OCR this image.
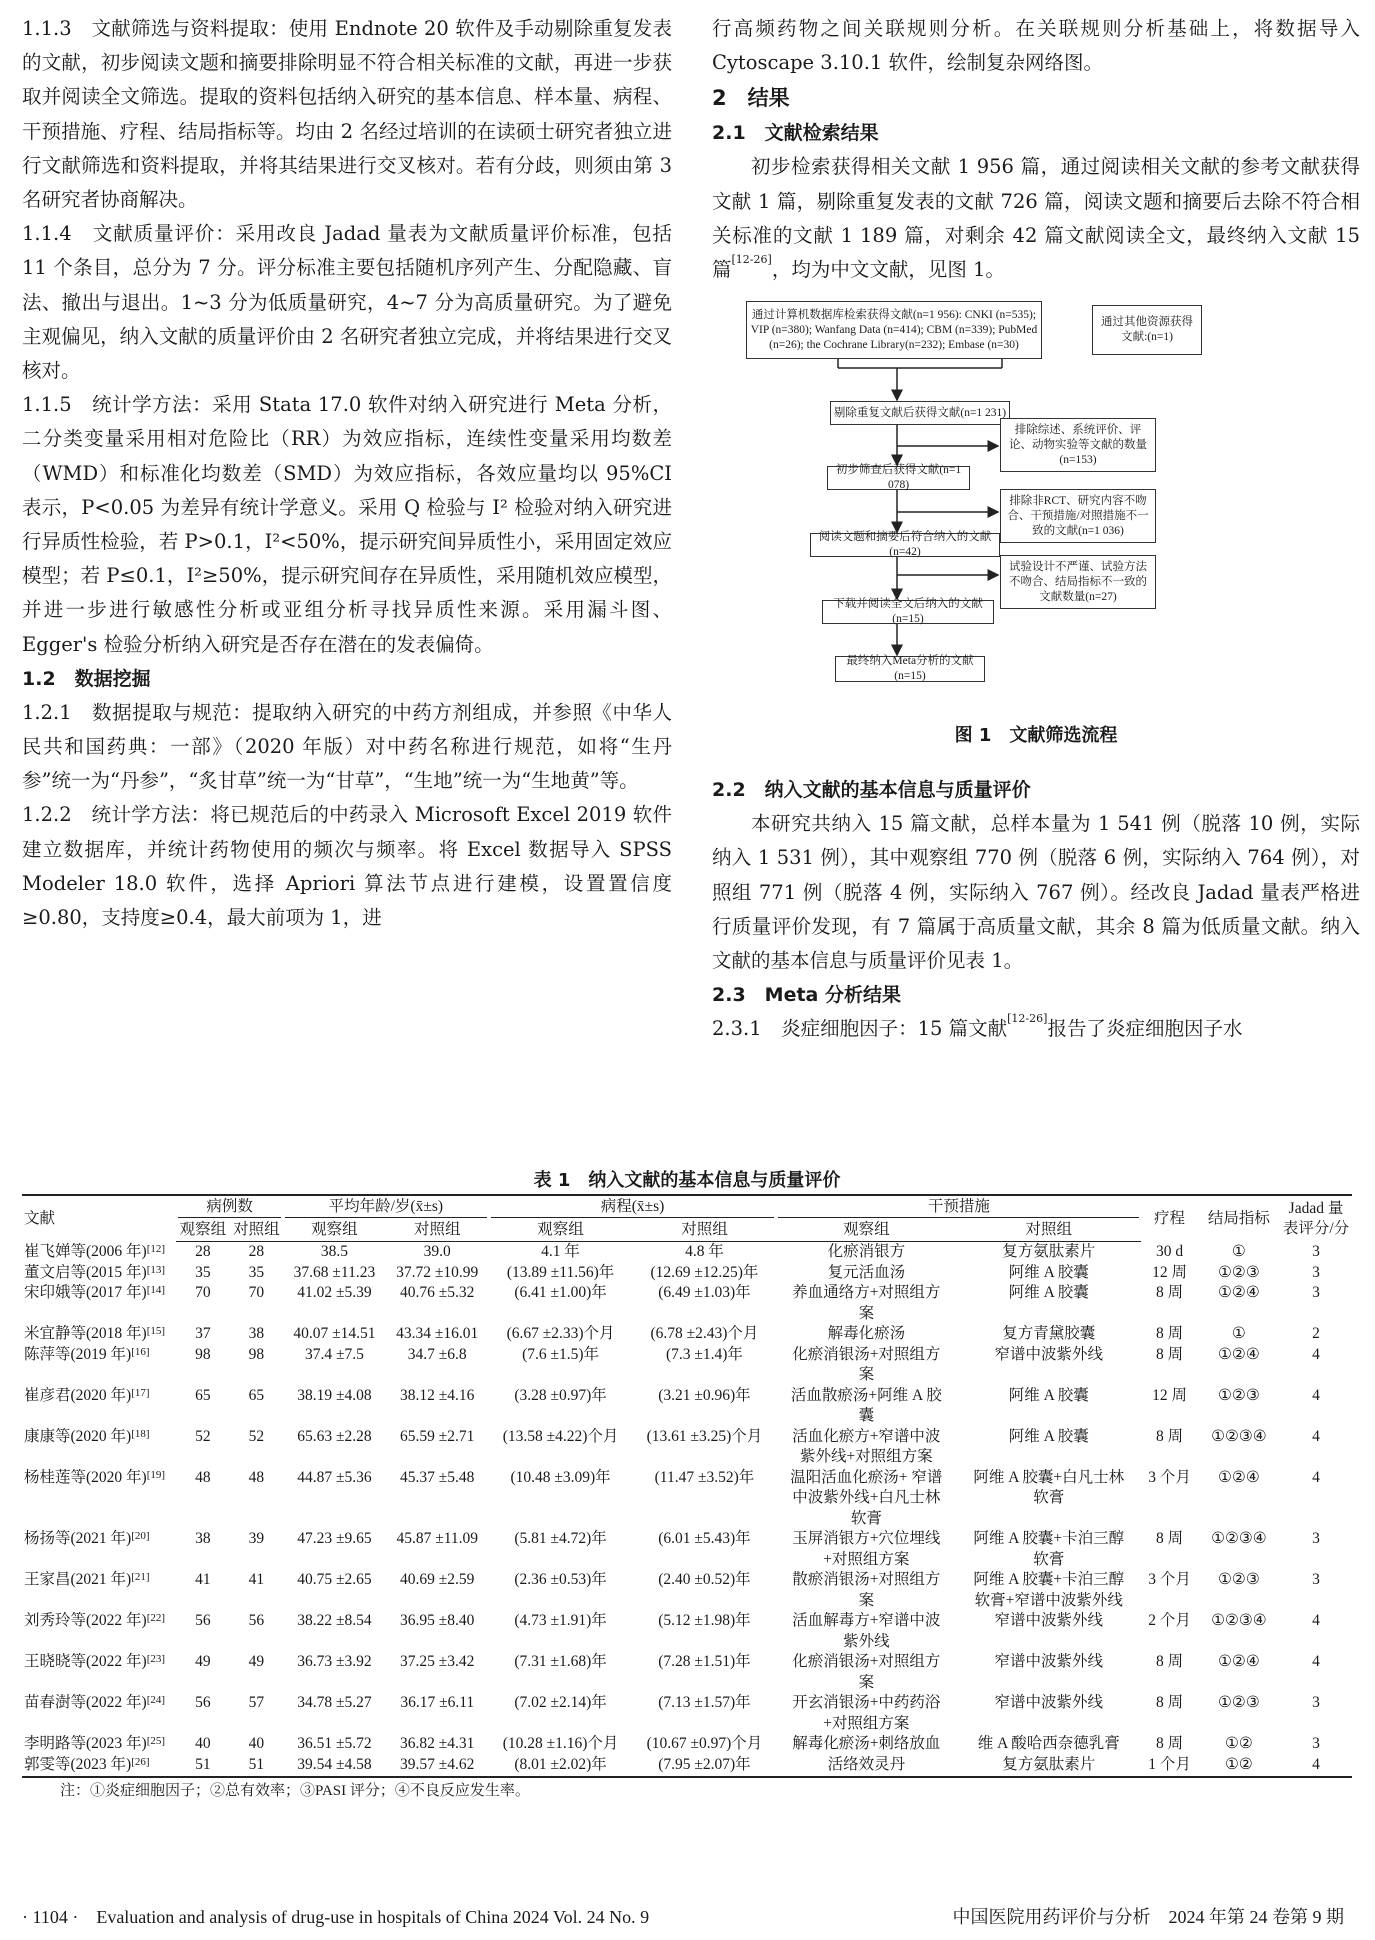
1.1.3　文献筛选与资料提取：使用 Endnote 20 软件及手动剔除重复发表的文献，初步阅读文题和摘要排除明显不符合相关标准的文献，再进一步获取并阅读全文筛选。提取的资料包括纳入研究的基本信息、样本量、病程、干预措施、疗程、结局指标等。均由 2 名经过培训的在读硕士研究者独立进行文献筛选和资料提取，并将其结果进行交叉核对。若有分歧，则须由第 3 名研究者协商解决。

1.1.4　文献质量评价：采用改良 Jadad 量表为文献质量评价标准，包括 11 个条目，总分为 7 分。评分标准主要包括随机序列产生、分配隐藏、盲法、撤出与退出。1~3 分为低质量研究，4~7 分为高质量研究。为了避免主观偏见，纳入文献的质量评价由 2 名研究者独立完成，并将结果进行交叉核对。

1.1.5　统计学方法：采用 Stata 17.0 软件对纳入研究进行 Meta 分析，二分类变量采用相对危险比（RR）为效应指标，连续性变量采用均数差（WMD）和标准化均数差（SMD）为效应指标，各效应量均以 95%CI 表示，P<0.05 为差异有统计学意义。采用 Q 检验与 I² 检验对纳入研究进行异质性检验，若 P>0.1，I²<50%，提示研究间异质性小，采用固定效应模型；若 P≤0.1，I²≥50%，提示研究间存在异质性，采用随机效应模型，并进一步进行敏感性分析或亚组分析寻找异质性来源。采用漏斗图、Egger's 检验分析纳入研究是否存在潜在的发表偏倚。

1.2　数据挖掘

1.2.1　数据提取与规范：提取纳入研究的中药方剂组成，并参照《中华人民共和国药典：一部》（2020 年版）对中药名称进行规范，如将“生丹参”统一为“丹参”，“炙甘草”统一为“甘草”，“生地”统一为“生地黄”等。

1.2.2　统计学方法：将已规范后的中药录入 Microsoft Excel 2019 软件建立数据库，并统计药物使用的频次与频率。将 Excel 数据导入 SPSS Modeler 18.0 软件，选择 Apriori 算法节点进行建模，设置置信度≥0.80，支持度≥0.4，最大前项为 1，进

行高频药物之间关联规则分析。在关联规则分析基础上，将数据导入 Cytoscape 3.10.1 软件，绘制复杂网络图。

2　结果
2.1　文献检索结果

初步检索获得相关文献 1 956 篇，通过阅读相关文献的参考文献获得文献 1 篇，剔除重复发表的文献 726 篇，阅读文题和摘要后去除不符合相关标准的文献 1 189 篇，对剩余 42 篇文献阅读全文，最终纳入文献 15 篇[12-26]，均为中文文献，见图 1。

通过计算机数据库检索获得文献(n=1 956): CNKI (n=535); VIP (n=380); Wanfang Data (n=414); CBM (n=339); PubMed (n=26); the Cochrane Library(n=232); Embase (n=30)
通过其他资源获得文献:(n=1)
剔除重复文献后获得文献(n=1 231)
排除综述、系统评价、评论、动物实验等文献的数量(n=153)
初步筛查后获得文献(n=1 078)
排除非RCT、研究内容不吻合、干预措施/对照措施不一致的文献(n=1 036)
阅读文题和摘要后符合纳入的文献(n=42)
试验设计不严谨、试验方法不吻合、结局指标不一致的文献数量(n=27)
下载并阅读全文后纳入的文献(n=15)
最终纳入Meta分析的文献(n=15)
图 1　文献筛选流程
2.2　纳入文献的基本信息与质量评价

本研究共纳入 15 篇文献，总样本量为 1 541 例（脱落 10 例，实际纳入 1 531 例），其中观察组 770 例（脱落 6 例，实际纳入 764 例），对照组 771 例（脱落 4 例，实际纳入 767 例）。经改良 Jadad 量表严格进行质量评价发现，有 7 篇属于高质量文献，其余 8 篇为低质量文献。纳入文献的基本信息与质量评价见表 1。

2.3　Meta 分析结果

2.3.1　炎症细胞因子：15 篇文献[12-26]报告了炎症细胞因子水

表 1　纳入文献的基本信息与质量评价
文献	病例数		平均年龄/岁(x̄±s)		病程(x̄±s)		干预措施		疗程	结局指标	Jadad 量表评分/分
	观察组	对照组	观察组	对照组	观察组	对照组	观察组	对照组			
崔飞婵等(2006 年)[12]	28	28	38.5	39.0	4.1 年	4.8 年	化瘀消银方	复方氨肽素片	30 d	①	3
董文启等(2015 年)[13]	35	35	37.68 ±11.23	37.72 ±10.99	(13.89 ±11.56)年	(12.69 ±12.25)年	复元活血汤	阿维 A 胶囊	12 周	①②③	3
宋印娥等(2017 年)[14]	70	70	41.02 ±5.39	40.76 ±5.32	(6.41 ±1.00)年	(6.49 ±1.03)年	养血通络方+对照组方案	阿维 A 胶囊	8 周	①②④	3
米宜静等(2018 年)[15]	37	38	40.07 ±14.51	43.34 ±16.01	(6.67 ±2.33)个月	(6.78 ±2.43)个月	解毒化瘀汤	复方青黛胶囊	8 周	①	2
陈萍等(2019 年)[16]	98	98	37.4 ±7.5	34.7 ±6.8	(7.6 ±1.5)年	(7.3 ±1.4)年	化瘀消银汤+对照组方案	窄谱中波紫外线	8 周	①②④	4
崔彦君(2020 年)[17]	65	65	38.19 ±4.08	38.12 ±4.16	(3.28 ±0.97)年	(3.21 ±0.96)年	活血散瘀汤+阿维 A 胶囊	阿维 A 胶囊	12 周	①②③	4
康康等(2020 年)[18]	52	52	65.63 ±2.28	65.59 ±2.71	(13.58 ±4.22)个月	(13.61 ±3.25)个月	活血化瘀方+窄谱中波紫外线+对照组方案	阿维 A 胶囊	8 周	①②③④	4
杨桂莲等(2020 年)[19]	48	48	44.87 ±5.36	45.37 ±5.48	(10.48 ±3.09)年	(11.47 ±3.52)年	温阳活血化瘀汤+ 窄谱中波紫外线+白凡士林软膏	阿维 A 胶囊+白凡士林软膏	3 个月	①②④	4
杨扬等(2021 年)[20]	38	39	47.23 ±9.65	45.87 ±11.09	(5.81 ±4.72)年	(6.01 ±5.43)年	玉屏消银方+穴位埋线+对照组方案	阿维 A 胶囊+卡泊三醇软膏	8 周	①②③④	3
王家昌(2021 年)[21]	41	41	40.75 ±2.65	40.69 ±2.59	(2.36 ±0.53)年	(2.40 ±0.52)年	散瘀消银汤+对照组方案	阿维 A 胶囊+卡泊三醇软膏+窄谱中波紫外线	3 个月	①②③	3
刘秀玲等(2022 年)[22]	56	56	38.22 ±8.54	36.95 ±8.40	(4.73 ±1.91)年	(5.12 ±1.98)年	活血解毒方+窄谱中波紫外线	窄谱中波紫外线	2 个月	①②③④	4
王晓晓等(2022 年)[23]	49	49	36.73 ±3.92	37.25 ±3.42	(7.31 ±1.68)年	(7.28 ±1.51)年	化瘀消银汤+对照组方案	窄谱中波紫外线	8 周	①②④	4
苗春澍等(2022 年)[24]	56	57	34.78 ±5.27	36.17 ±6.11	(7.02 ±2.14)年	(7.13 ±1.57)年	开玄消银汤+中药药浴+对照组方案	窄谱中波紫外线	8 周	①②③	3
李明路等(2023 年)[25]	40	40	36.51 ±5.72	36.82 ±4.31	(10.28 ±1.16)个月	(10.67 ±0.97)个月	解毒化瘀汤+刺络放血	维 A 酸哈西奈德乳膏	8 周	①②	3
郭雯等(2023 年)[26]	51	51	39.54 ±4.58	39.57 ±4.62	(8.01 ±2.02)年	(7.95 ±2.07)年	活络效灵丹	复方氨肽素片	1 个月	①②	4
注：①炎症细胞因子；②总有效率；③PASI 评分；④不良反应发生率。
· 1104 ·　Evaluation and analysis of drug-use in hospitals of China 2024 Vol. 24 No. 9	中国医院用药评价与分析　2024 年第 24 卷第 9 期
